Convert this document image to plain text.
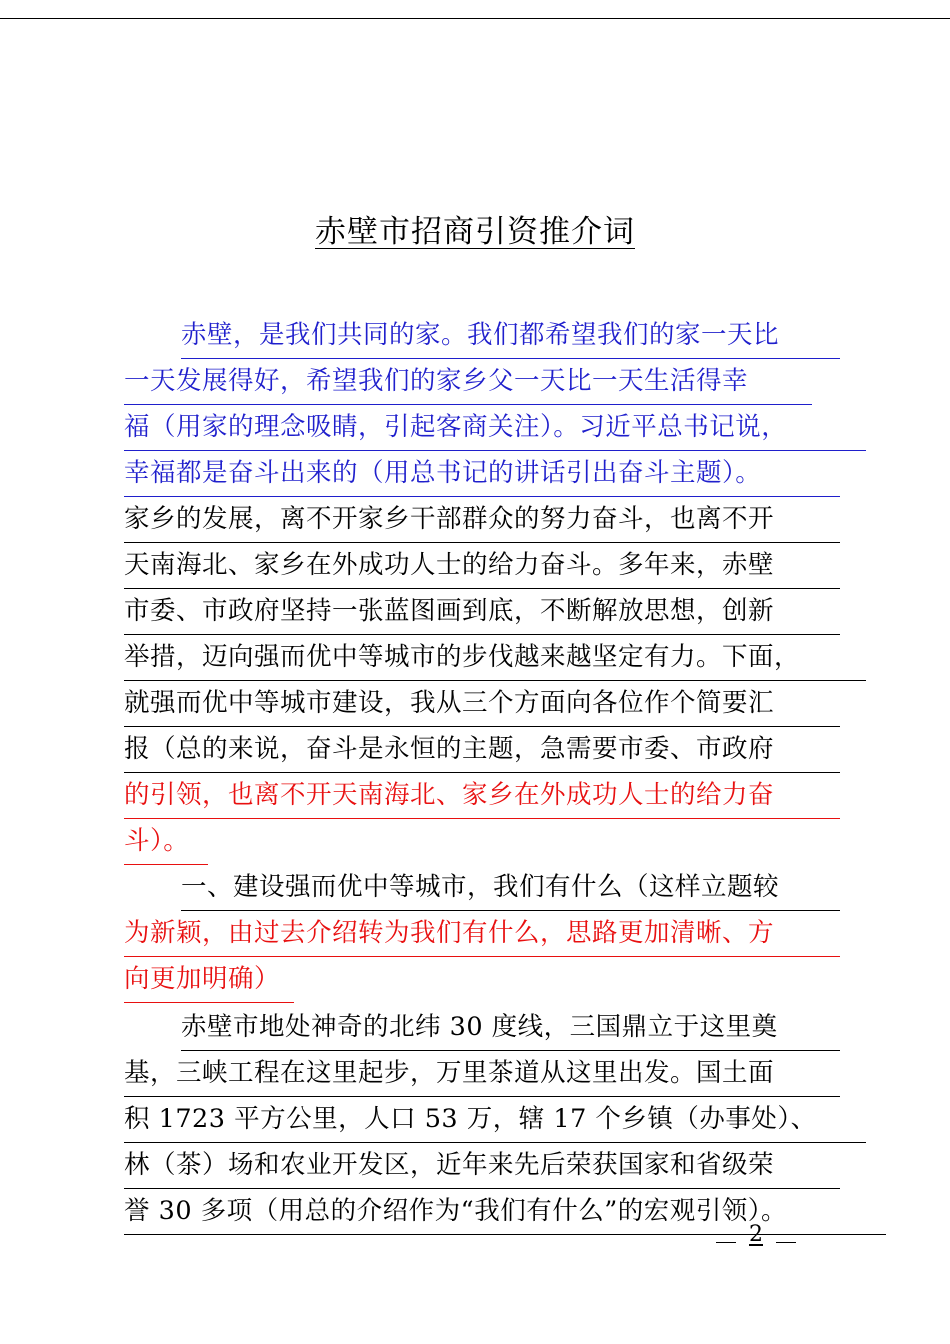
赤壁市招商引资推介词
赤壁，是我们共同的家。我们都希望我们的家一天比
一天发展得好，希望我们的家乡父一天比一天生活得幸
福（用家的理念吸睛，引起客商关注）。习近平总书记说，
幸福都是奋斗出来的（用总书记的讲话引出奋斗主题）。
家乡的发展，离不开家乡干部群众的努力奋斗，也离不开
天南海北、家乡在外成功人士的给力奋斗。多年来，赤壁
市委、市政府坚持一张蓝图画到底，不断解放思想，创新
举措，迈向强而优中等城市的步伐越来越坚定有力。下面，
就强而优中等城市建设，我从三个方面向各位作个简要汇
报（总的来说，奋斗是永恒的主题，急需要市委、市政府
的引领，也离不开天南海北、家乡在外成功人士的给力奋
斗）。
一、建设强而优中等城市，我们有什么（这样立题较
为新颖，由过去介绍转为我们有什么，思路更加清晰、方
向更加明确）
赤壁市地处神奇的北纬 30 度线，三国鼎立于这里奠
基，三峡工程在这里起步，万里茶道从这里出发。国土面
积 1723 平方公里，人口 53 万，辖 17 个乡镇（办事处）、
林（茶）场和农业开发区，近年来先后荣获国家和省级荣
誉 30 多项（用总的介绍作为“我们有什么”的宏观引领）。
2
